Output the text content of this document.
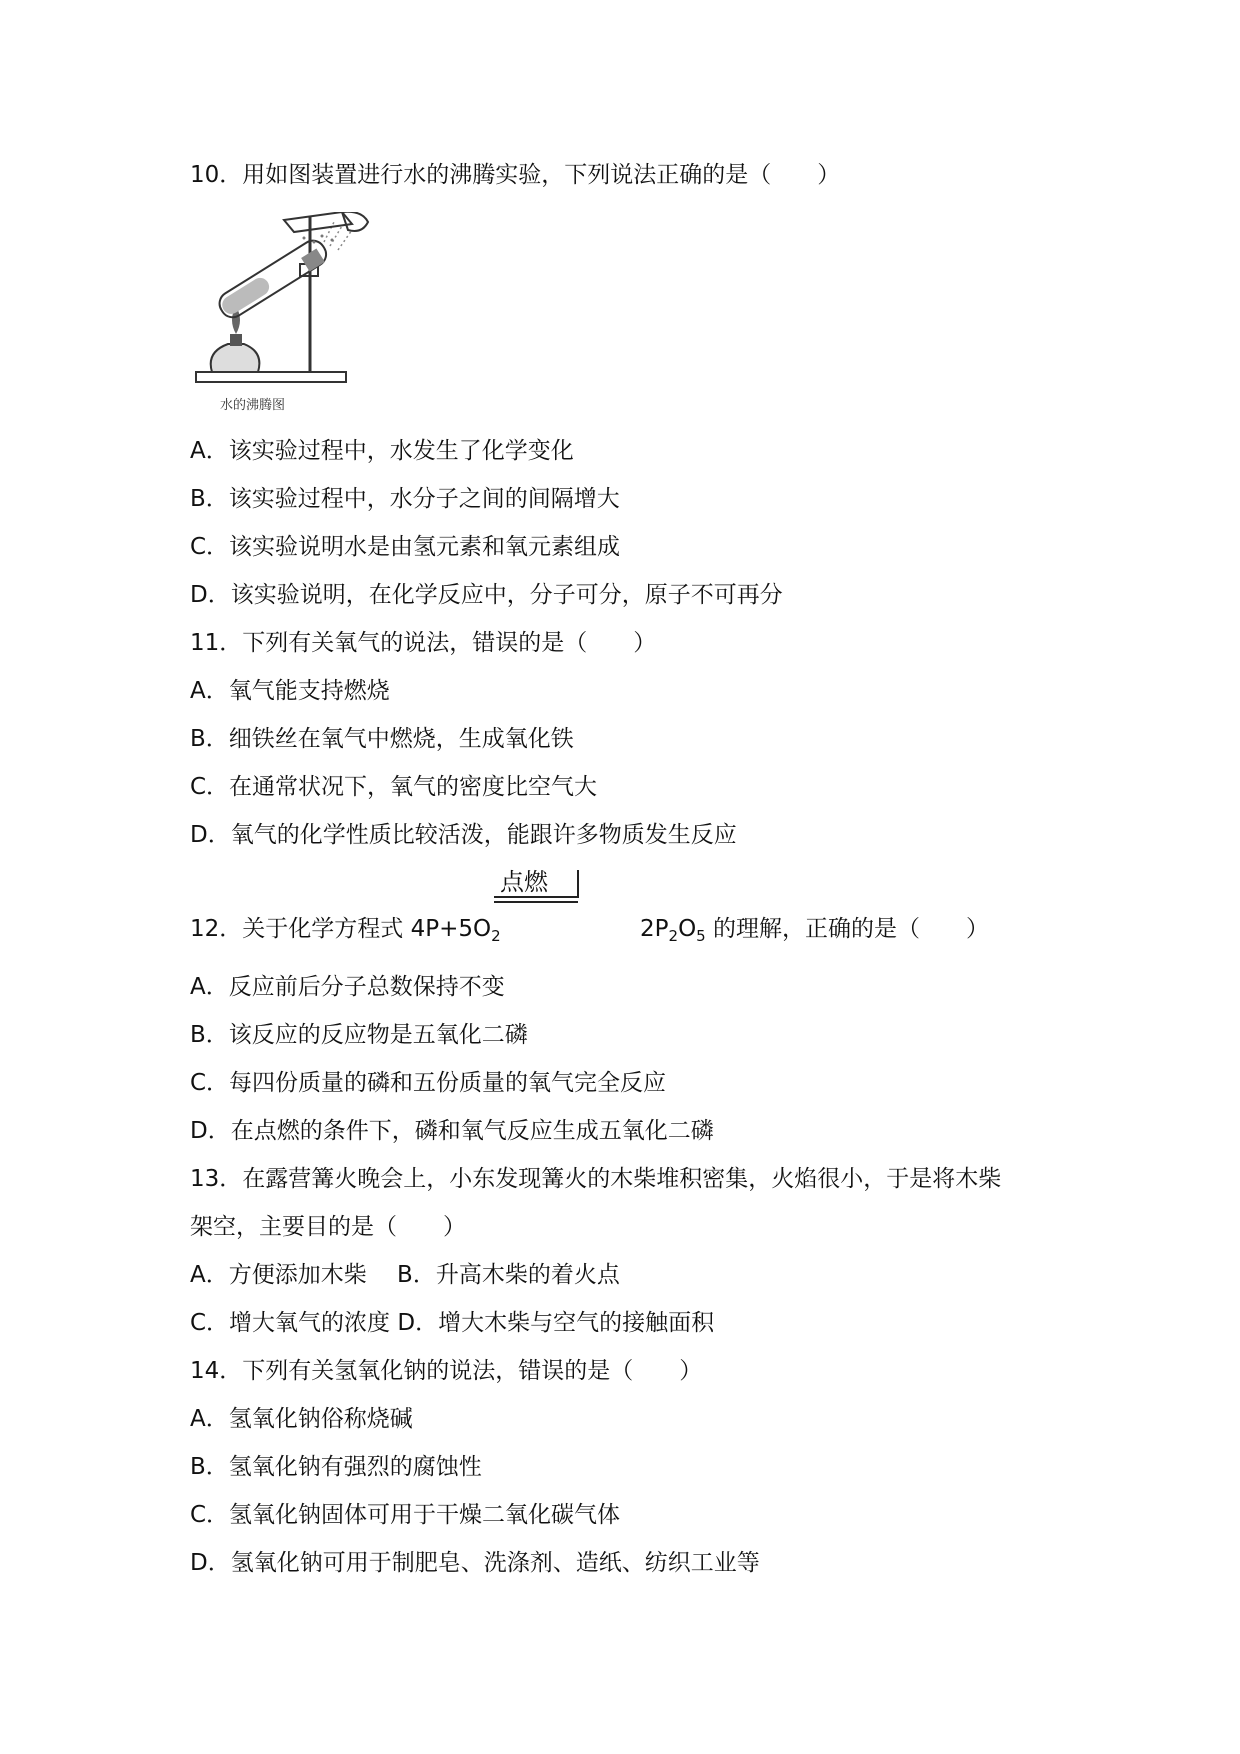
10．用如图装置进行水的沸腾实验，下列说法正确的是（　　）
水的沸腾图
A．该实验过程中，水发生了化学变化
B．该实验过程中，水分子之间的间隔增大
C．该实验说明水是由氢元素和氧元素组成
D．该实验说明，在化学反应中，分子可分，原子不可再分
11．下列有关氧气的说法，错误的是（　　）
A．氧气能支持燃烧
B．细铁丝在氧气中燃烧，生成氧化铁
C．在通常状况下，氧气的密度比空气大
D．氧气的化学性质比较活泼，能跟许多物质发生反应
点燃
12．关于化学方程式 $4P+5O_2$	$2P_2O_5$ 的理解，正确的是（　　）
A．反应前后分子总数保持不变
B．该反应的反应物是五氧化二磷
C．每四份质量的磷和五份质量的氧气完全反应
D．在点燃的条件下，磷和氧气反应生成五氧化二磷
13．在露营篝火晚会上，小东发现篝火的木柴堆积密集，火焰很小，于是将木柴
架空，主要目的是（　　）
A．方便添加木柴　 B．升高木柴的着火点
C．增大氧气的浓度 D．增大木柴与空气的接触面积
14．下列有关氢氧化钠的说法，错误的是（　　）
A．氢氧化钠俗称烧碱
B．氢氧化钠有强烈的腐蚀性
C．氢氧化钠固体可用于干燥二氧化碳气体
D．氢氧化钠可用于制肥皂、洗涤剂、造纸、纺织工业等
